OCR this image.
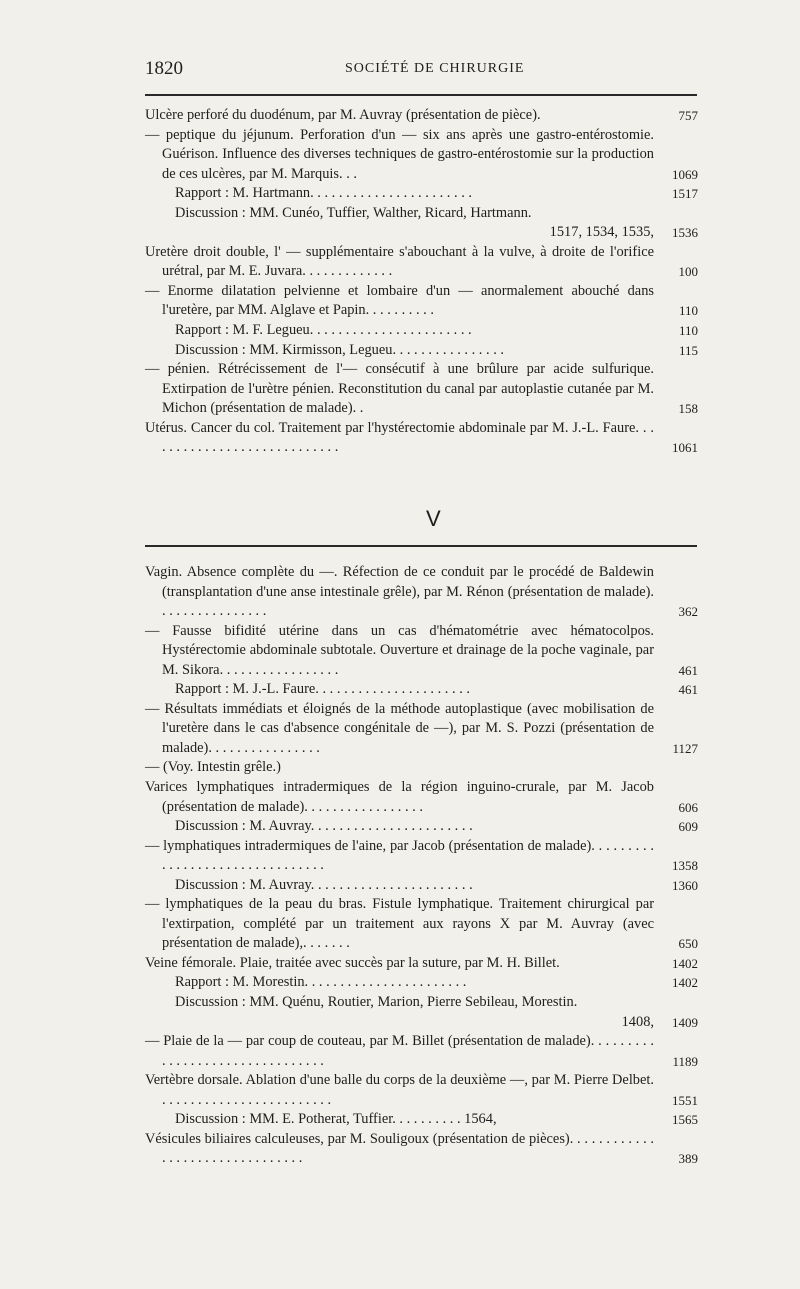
1820	SOCIÉTÉ DE CHIRURGIE
Ulcère perforé du duodénum, par M. Auvray (présentation de pièce).	757
— peptique du jéjunum. Perforation d'un — six ans après une gastro-entérostomie. Guérison. Influence des diverses techniques de gastro-entérostomie sur la production de ces ulcères, par M. Marquis. . .	1069
Rapport : M. Hartmann. . . . . . . . . . . . . . . . . . . . . . .	1517
Discussion : MM. Cunéo, Tuffier, Walther, Ricard, Hartmann.
1517, 1534, 1535,	1536
Uretère droit double, l' — supplémentaire s'abouchant à la vulve, à droite de l'orifice urétral, par M. E. Juvara. . . . . . . . . . . . .	100
— Enorme dilatation pelvienne et lombaire d'un — anormalement abouché dans l'uretère, par MM. Alglave et Papin. . . . . . . . . .	110
Rapport : M. F. Legueu. . . . . . . . . . . . . . . . . . . . . . .	110
Discussion : MM. Kirmisson, Legueu. . . . . . . . . . . . . . . .	115
— pénien. Rétrécissement de l'— consécutif à une brûlure par acide sulfurique. Extirpation de l'urètre pénien. Reconstitution du canal par autoplastie cutanée par M. Michon (présentation de malade). .	158
Utérus. Cancer du col. Traitement par l'hystérectomie abdominale par M. J.-L. Faure. . . . . . . . . . . . . . . . . . . . . . . . . . . .	1061
V
Vagin. Absence complète du —. Réfection de ce conduit par le procédé de Baldewin (transplantation d'une anse intestinale grêle), par M. Rénon (présentation de malade). . . . . . . . . . . . . . . .	362
— Fausse bifidité utérine dans un cas d'hématométrie avec hématocolpos. Hystérectomie abdominale subtotale. Ouverture et drainage de la poche vaginale, par M. Sikora. . . . . . . . . . . . . . . . .	461
Rapport : M. J.-L. Faure. . . . . . . . . . . . . . . . . . . . . .	461
— Résultats immédiats et éloignés de la méthode autoplastique (avec mobilisation de l'uretère dans le cas d'absence congénitale de —), par M. S. Pozzi (présentation de malade). . . . . . . . . . . . . . . .	1127
— (Voy. Intestin grêle.)
Varices lymphatiques intradermiques de la région inguino-crurale, par M. Jacob (présentation de malade). . . . . . . . . . . . . . . . .	606
Discussion : M. Auvray. . . . . . . . . . . . . . . . . . . . . . .	609
— lymphatiques intradermiques de l'aine, par Jacob (présentation de malade). . . . . . . . . . . . . . . . . . . . . . . . . . . . . . . .	1358
Discussion : M. Auvray. . . . . . . . . . . . . . . . . . . . . . .	1360
— lymphatiques de la peau du bras. Fistule lymphatique. Traitement chirurgical par l'extirpation, complété par un traitement aux rayons X par M. Auvray (avec présentation de malade),. . . . . . .	650
Veine fémorale. Plaie, traitée avec succès par la suture, par M. H. Billet.	1402
Rapport : M. Morestin. . . . . . . . . . . . . . . . . . . . . . .	1402
Discussion : MM. Quénu, Routier, Marion, Pierre Sebileau, Morestin.
1408,	1409
— Plaie de la — par coup de couteau, par M. Billet (présentation de malade). . . . . . . . . . . . . . . . . . . . . . . . . . . . . . . .	1189
Vertèbre dorsale. Ablation d'une balle du corps de la deuxième —, par M. Pierre Delbet. . . . . . . . . . . . . . . . . . . . . . . . .	1551
Discussion : MM. E. Potherat, Tuffier. . . . . . . . . . 1564,	1565
Vésicules biliaires calculeuses, par M. Souligoux (présentation de pièces). . . . . . . . . . . . . . . . . . . . . . . . . . . . . . . .	389
